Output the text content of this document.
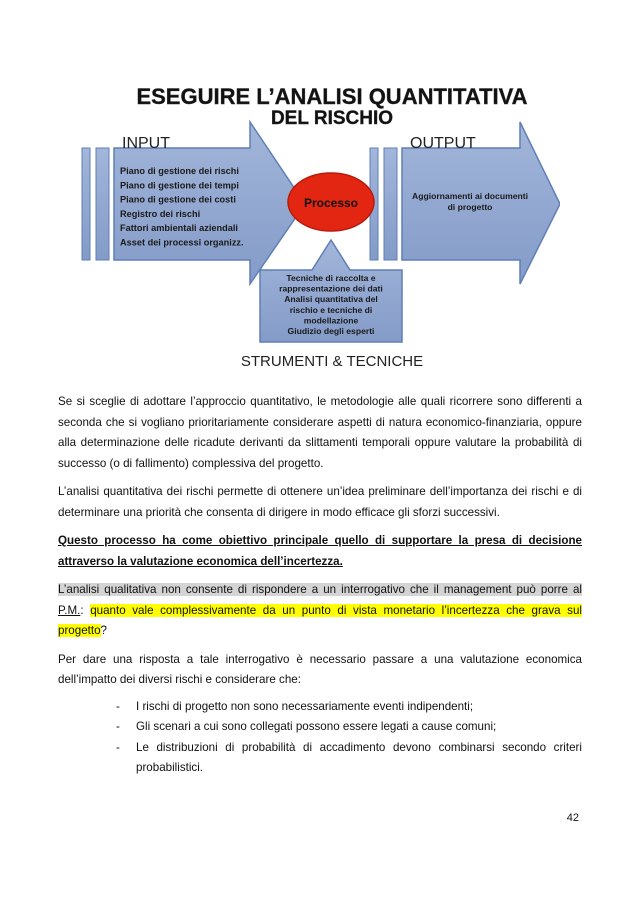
ESEGUIRE L’ANALISI QUANTITATIVA
DEL RISCHIO
INPUT	OUTPUT
Processo
Piano di gestione dei rischi
Piano di gestione dei tempi
Piano di gestione dei costi
Registro dei rischi
Fattori ambientali aziendali
Asset dei processi organizz.
Aggiornamenti ai documenti
di progetto
Tecniche di raccolta e
rappresentazione dei dati
Analisi quantitativa del
rischio e tecniche di
modellazione
Giudizio degli esperti
STRUMENTI & TECNICHE

Se si sceglie di adottare l’approccio quantitativo, le metodologie alle quali ricorrere sono differenti a seconda che si vogliano prioritariamente considerare aspetti di natura economico-finanziaria, oppure alla determinazione delle ricadute derivanti da slittamenti temporali oppure valutare la probabilità di successo (o di fallimento) complessiva del progetto.

L’analisi quantitativa dei rischi permette di ottenere un’idea preliminare dell’importanza dei rischi e di determinare una priorità che consenta di dirigere in modo efficace gli sforzi successivi.

Questo processo ha come obiettivo principale quello di supportare la presa di decisione attraverso la valutazione economica dell’incertezza.

L’analisi qualitativa non consente di rispondere a un interrogativo che il management può porre al P.M.: quanto vale complessivamente da un punto di vista monetario l’incertezza che grava sul progetto?

Per dare una risposta a tale interrogativo è necessario passare a una valutazione economica dell’impatto dei diversi rischi e considerare che:

- I rischi di progetto non sono necessariamente eventi indipendenti;
- Gli scenari a cui sono collegati possono essere legati a cause comuni;
- Le distribuzioni di probabilità di accadimento devono combinarsi secondo criteri probabilistici.
42
